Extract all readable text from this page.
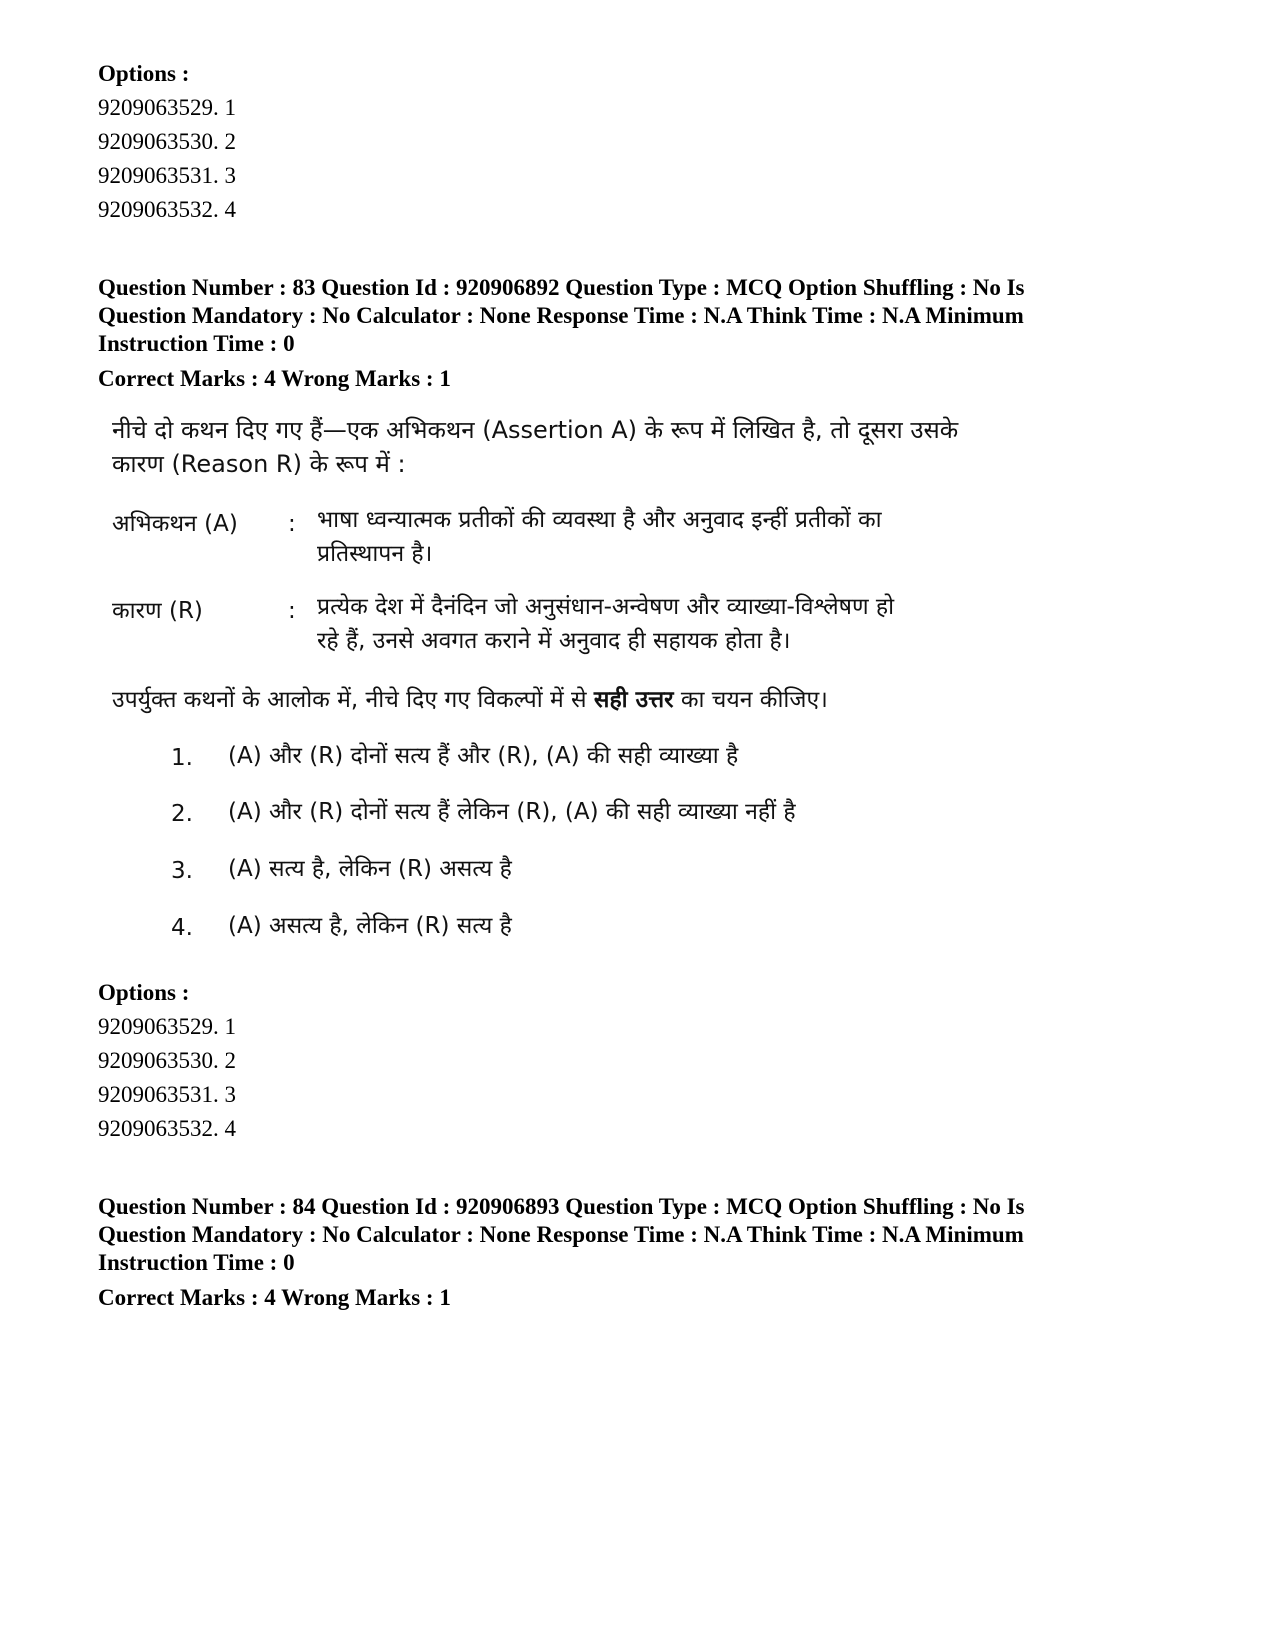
Options :

9209063529. 1

9209063530. 2

9209063531. 3

9209063532. 4

Question Number : 83 Question Id : 920906892 Question Type : MCQ Option Shuffling : No Is

Question Mandatory : No Calculator : None Response Time : N.A Think Time : N.A Minimum

Instruction Time : 0

Correct Marks : 4 Wrong Marks : 1

नीचे दो कथन दिए गए हैं—एक अभिकथन (Assertion A) के रूप में लिखित है, तो दूसरा उसके

कारण (Reason R) के रूप में :

अभिकथन (A) : भाषा ध्वन्यात्मक प्रतीकों की व्यवस्था है और अनुवाद इन्हीं प्रतीकों का

प्रतिस्थापन है।

कारण (R)	: प्रत्येक देश में दैनंदिन जो अनुसंधान-अन्वेषण और व्याख्या-विश्लेषण हो

रहे हैं, उनसे अवगत कराने में अनुवाद ही सहायक होता है।

उपर्युक्त कथनों के आलोक में, नीचे दिए गए विकल्पों में से सही उत्तर का चयन कीजिए।

1. (A) और (R) दोनों सत्य हैं और (R), (A) की सही व्याख्या है

2. (A) और (R) दोनों सत्य हैं लेकिन (R), (A) की सही व्याख्या नहीं है

3. (A) सत्य है, लेकिन (R) असत्य है

4. (A) असत्य है, लेकिन (R) सत्य है

Options :

9209063529. 1

9209063530. 2

9209063531. 3

9209063532. 4

Question Number : 84 Question Id : 920906893 Question Type : MCQ Option Shuffling : No Is

Question Mandatory : No Calculator : None Response Time : N.A Think Time : N.A Minimum

Instruction Time : 0

Correct Marks : 4 Wrong Marks : 1
